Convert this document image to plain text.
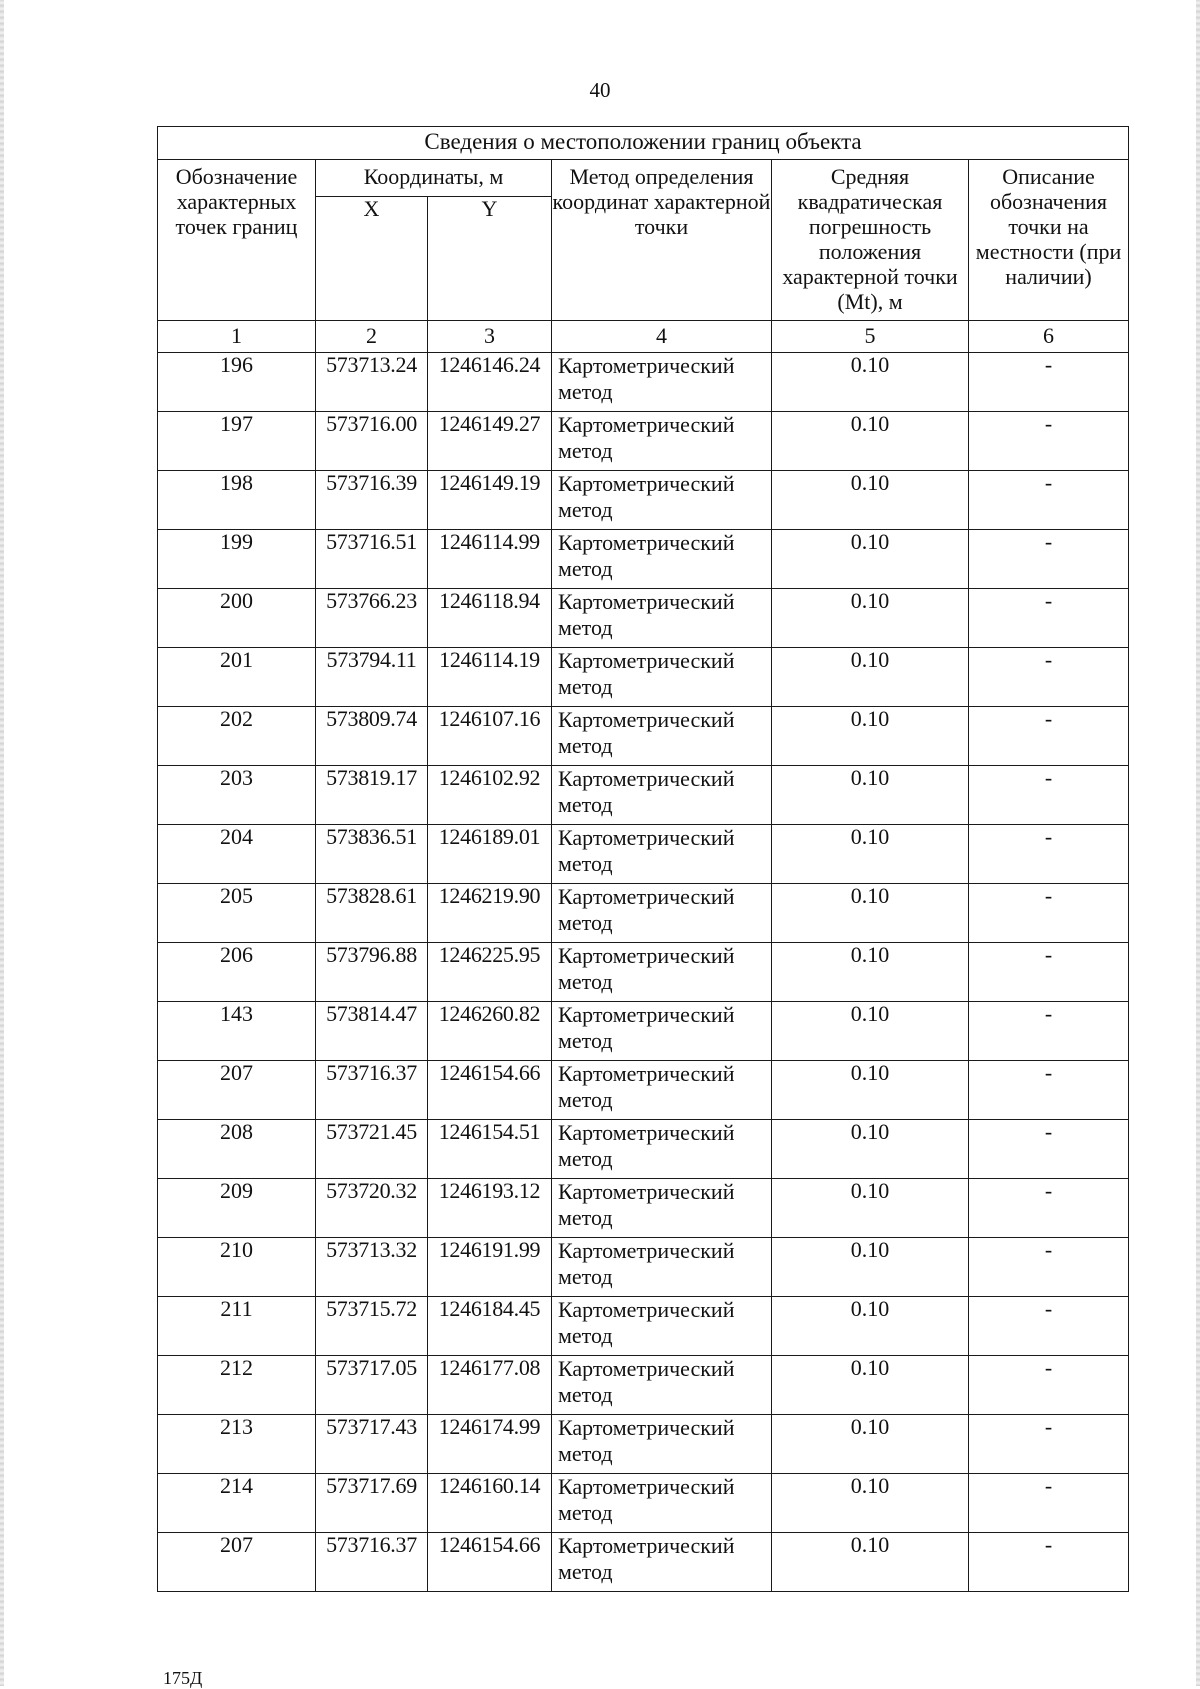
40
Сведения о местоположении границ объекта					
Обозначение характерных точек границ	Координаты, м		Метод определения координат характерной точки	Средняя квадратическая погрешность положения характерной точки (Mt), м	Описание обозначения точки на местности (при наличии)
	X	Y			
1	2	3	4	5	6
196	573713.24	1246146.24	Картометрический метод	0.10	-
197	573716.00	1246149.27	Картометрический метод	0.10	-
198	573716.39	1246149.19	Картометрический метод	0.10	-
199	573716.51	1246114.99	Картометрический метод	0.10	-
200	573766.23	1246118.94	Картометрический метод	0.10	-
201	573794.11	1246114.19	Картометрический метод	0.10	-
202	573809.74	1246107.16	Картометрический метод	0.10	-
203	573819.17	1246102.92	Картометрический метод	0.10	-
204	573836.51	1246189.01	Картометрический метод	0.10	-
205	573828.61	1246219.90	Картометрический метод	0.10	-
206	573796.88	1246225.95	Картометрический метод	0.10	-
143	573814.47	1246260.82	Картометрический метод	0.10	-
207	573716.37	1246154.66	Картометрический метод	0.10	-
208	573721.45	1246154.51	Картометрический метод	0.10	-
209	573720.32	1246193.12	Картометрический метод	0.10	-
210	573713.32	1246191.99	Картометрический метод	0.10	-
211	573715.72	1246184.45	Картометрический метод	0.10	-
212	573717.05	1246177.08	Картометрический метод	0.10	-
213	573717.43	1246174.99	Картометрический метод	0.10	-
214	573717.69	1246160.14	Картометрический метод	0.10	-
207	573716.37	1246154.66	Картометрический метод	0.10	-
175Д
